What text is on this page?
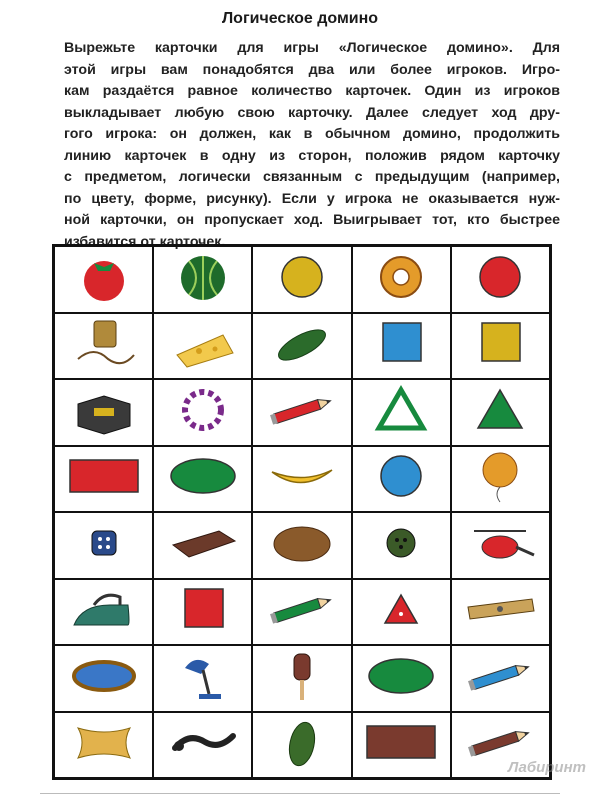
Логическое домино
Вырежьте карточки для игры «Логическое домино». Для
этой игры вам понадобятся два или более игроков. Игро-
кам раздаётся равное количество карточек. Один из игроков
выкладывает любую свою карточку. Далее следует ход дру-
гого игрока: он должен, как в обычном домино, продолжить
линию карточек в одну из сторон, положив рядом карточку
с предметом, логически связанным с предыдущим (например,
по цвету, форме, рисунку). Если у игрока не оказывается нуж-
ной карточки, он пропускает ход. Выигрывает тот, кто быстрее
избавится от карточек.
Лабиринт
